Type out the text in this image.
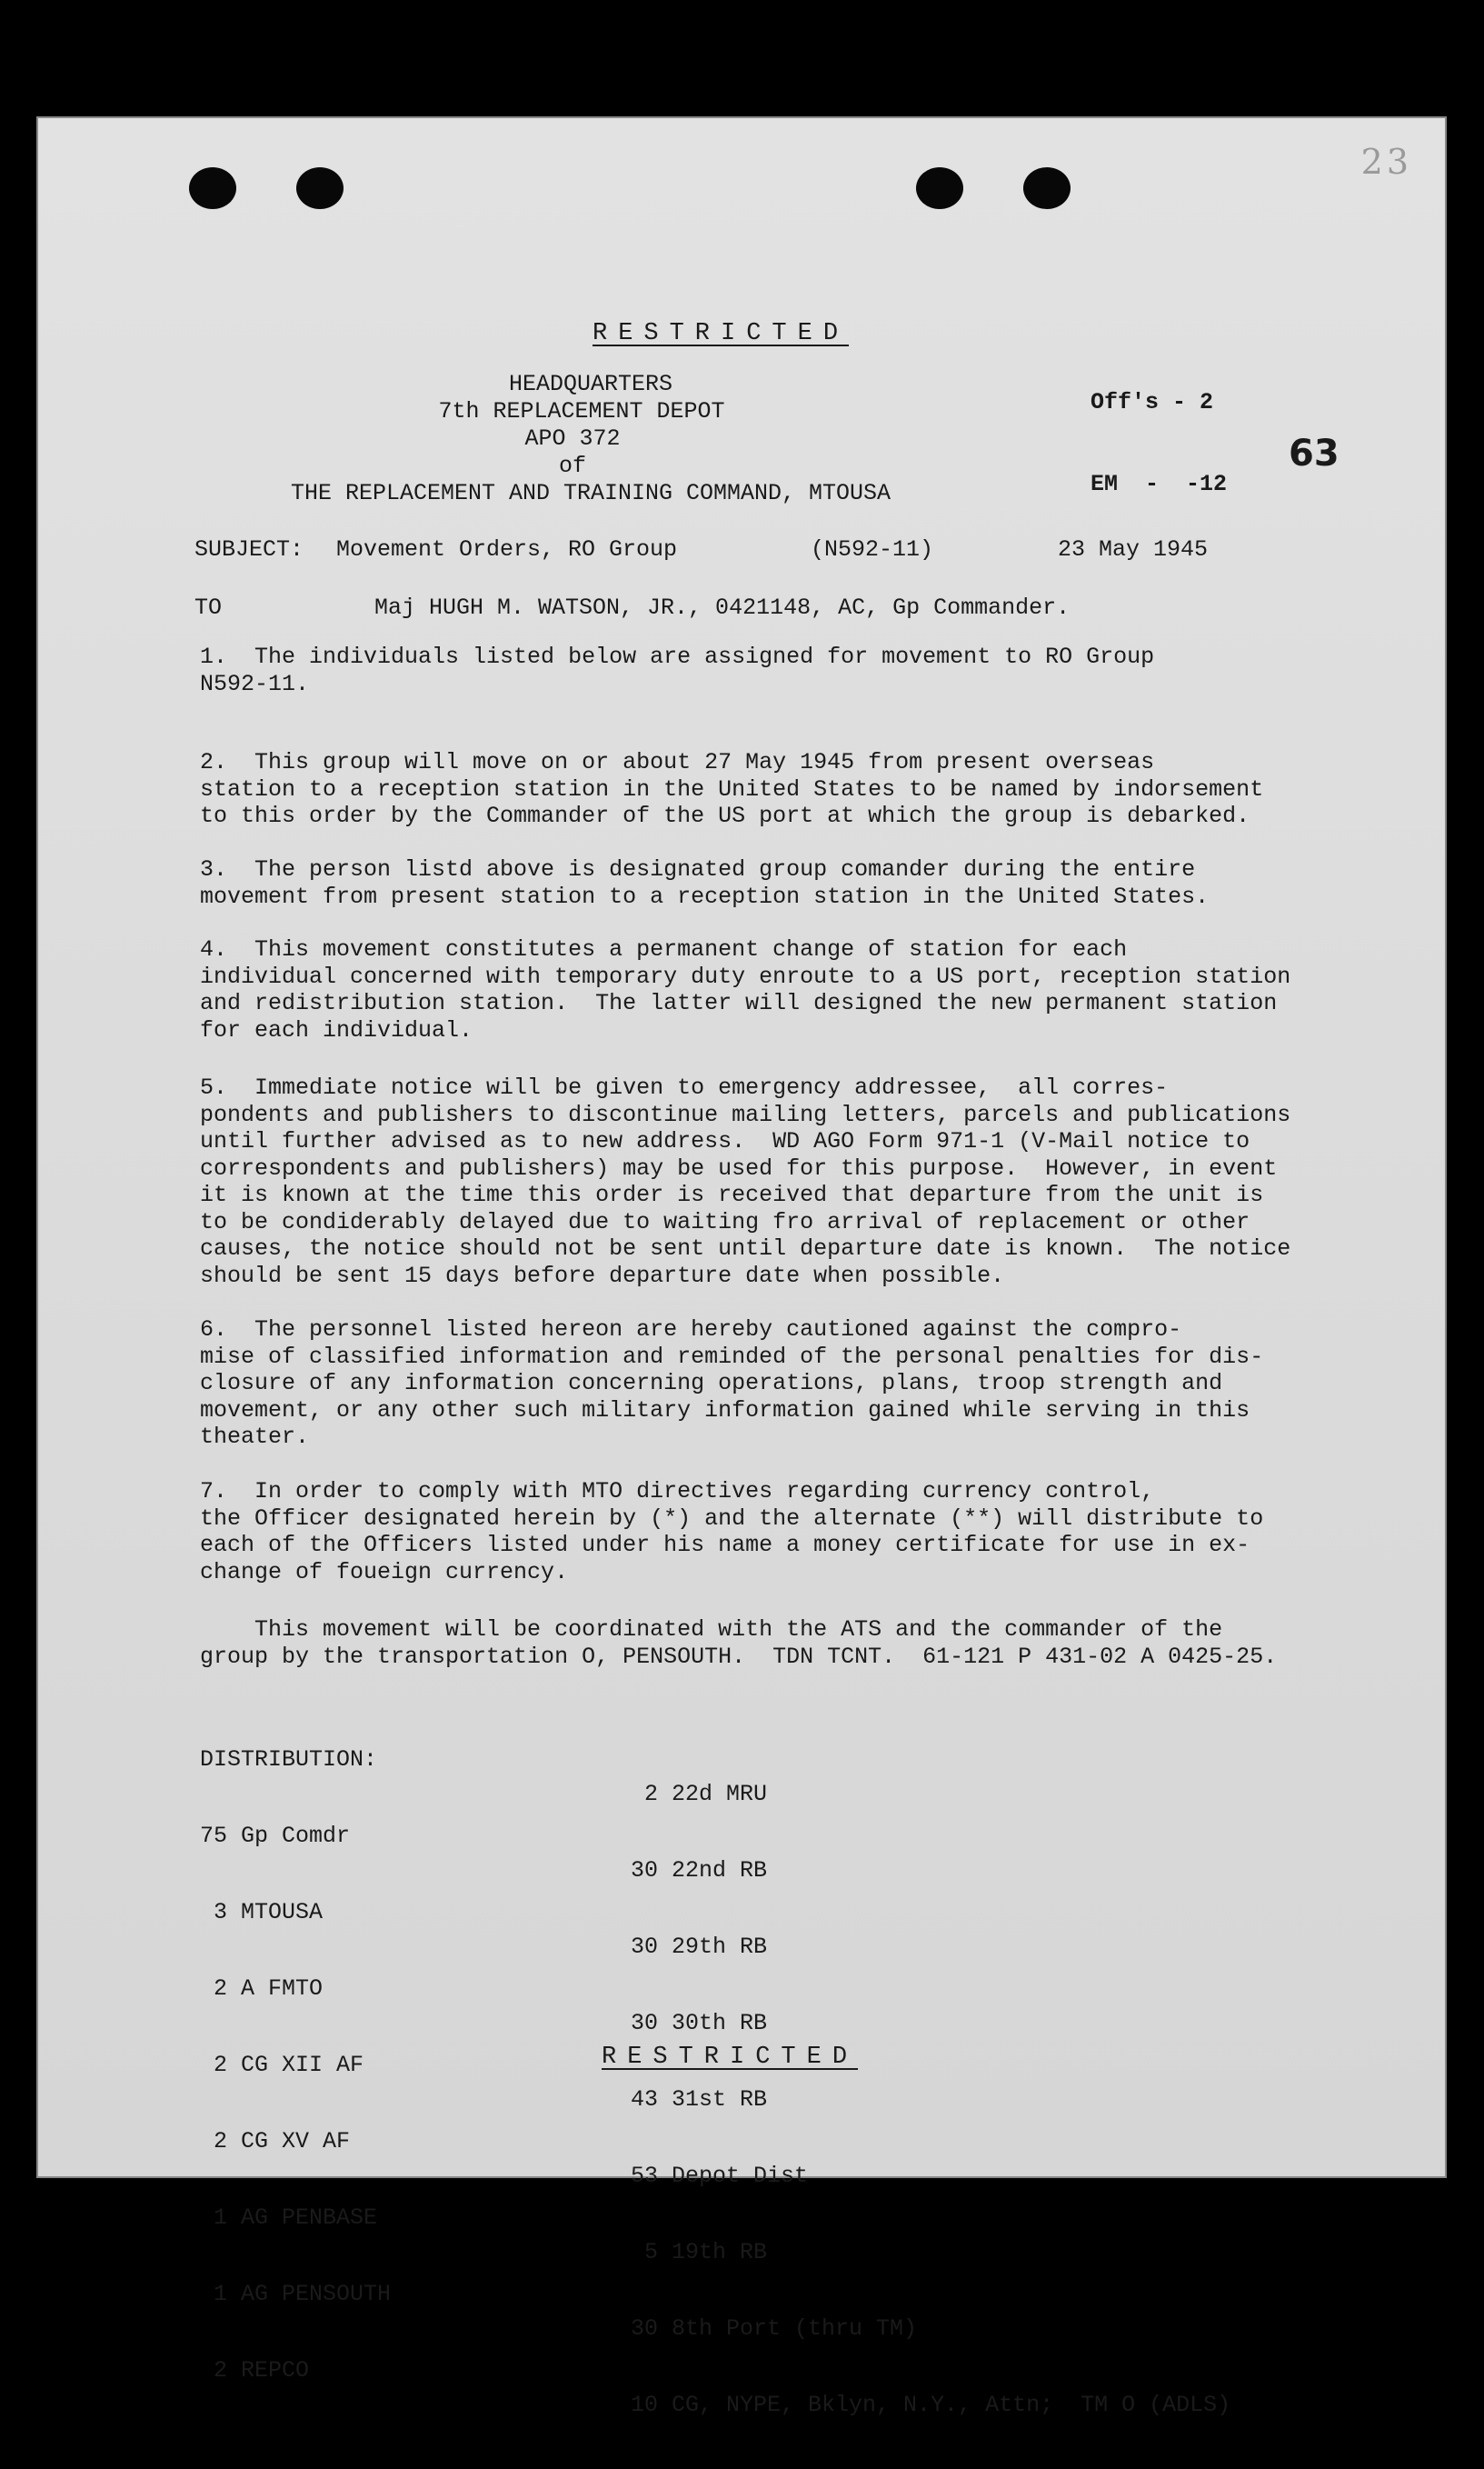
23
RESTRICTED
HEADQUARTERS
7th REPLACEMENT DEPOT
APO 372
of
THE REPLACEMENT AND TRAINING COMMAND, MTOUSA

Off's - 2

EM  -  -12

63
SUBJECT: Movement Orders, RO Group	(N592-11)	23 May 1945
TO	Maj HUGH M. WATSON, JR., 0421148, AC, Gp Commander.
1.  The individuals listed below are assigned for movement to RO Group
N592-11.
2.  This group will move on or about 27 May 1945 from present overseas
station to a reception station in the United States to be named by indorsement
to this order by the Commander of the US port at which the group is debarked.
3.  The person listd above is designated group comander during the entire
movement from present station to a reception station in the United States.
4.  This movement constitutes a permanent change of station for each
individual concerned with temporary duty enroute to a US port, reception station
and redistribution station.  The latter will designed the new permanent station
for each individual.
5.  Immediate notice will be given to emergency addressee,  all corres-
pondents and publishers to discontinue mailing letters, parcels and publications
until further advised as to new address.  WD AGO Form 971-1 (V-Mail notice to
correspondents and publishers) may be used for this purpose.  However, in event
it is known at the time this order is received that departure from the unit is
to be condiderably delayed due to waiting fro arrival of replacement or other
causes, the notice should not be sent until departure date is known.  The notice
should be sent 15 days before departure date when possible.
6.  The personnel listed hereon are hereby cautioned against the compro-
mise of classified information and reminded of the personal penalties for dis-
closure of any information concerning operations, plans, troop strength and
movement, or any other such military information gained while serving in this
theater.
7.  In order to comply with MTO directives regarding currency control,
the Officer designated herein by (*) and the alternate (**) will distribute to
each of the Officers listed under his name a money certificate for use in ex-
change of foueign currency.
This movement will be coordinated with the ATS and the commander of the
group by the transportation O, PENSOUTH.  TDN TCNT.  61-121 P 431-02 A 0425-25.

DISTRIBUTION:

75 Gp Comdr

3 MTOUSA

2 A FMTO

2 CG XII AF

2 CG XV AF

1 AG PENBASE

1 AG PENSOUTH

2 REPCO

2 22d MRU

30 22nd RB

30 29th RB

30 30th RB

43 31st RB

53 Depot Dist

5 19th RB

30 8th Port (thru TM)

10 CG, NYPE, Bklyn, N.Y., Attn;  TM O (ADLS)

RESTRICTED
